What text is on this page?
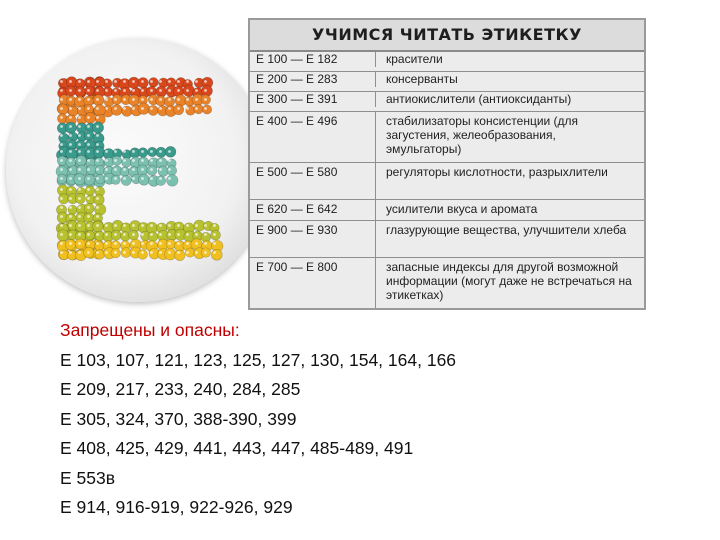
УЧИМСЯ ЧИТАТЬ ЭТИКЕТКУ
Е 100 — Е 182	красители
Е 200 — Е 283	консерванты
Е 300 — Е 391	антиокислители (антиоксиданты)
Е 400 — Е 496	стабилизаторы консистенции (для загустения, желеобразования, эмульгаторы)
Е 500 — Е 580	регуляторы кислотности, разрыхлители
Е 620 — Е 642	усилители вкуса и аромата
Е 900 — Е 930	глазурующие вещества, улучшители хлеба
Е 700 — Е 800	запасные индексы для другой возможной информации (могут даже не встречаться на этикетках)
Запрещены и опасны:
Е 103, 107, 121, 123, 125, 127, 130, 154, 164, 166
Е 209, 217, 233, 240, 284, 285
Е 305, 324, 370, 388-390, 399
Е 408, 425, 429, 441, 443, 447, 485-489, 491
Е 553в
Е 914, 916-919, 922-926, 929
